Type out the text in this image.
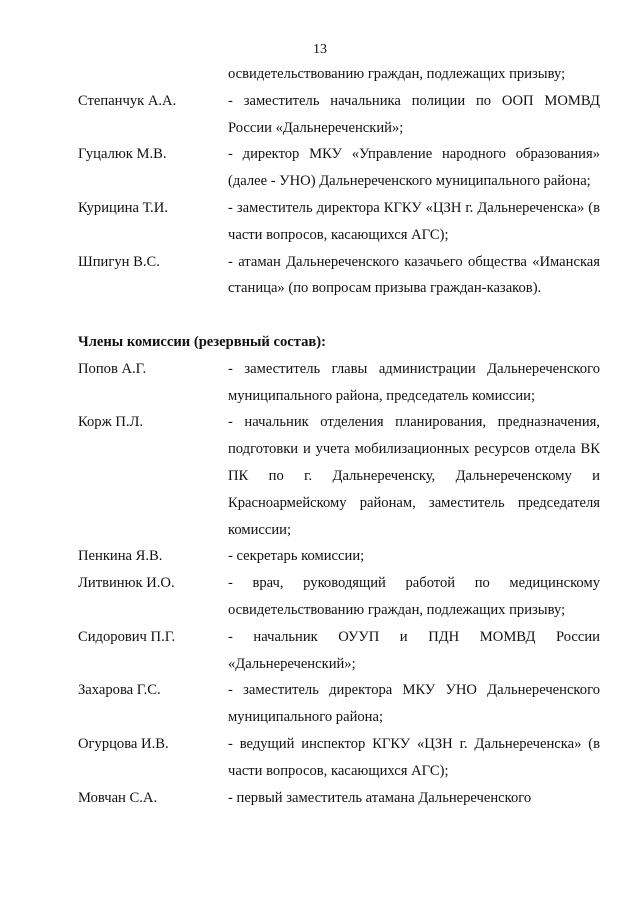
13
освидетельствованию граждан, подлежащих призыву;
Степанчук А.А.	- заместитель начальника полиции по ООП МОМВД России «Дальнереченский»;
Гуцалюк М.В.	- директор МКУ «Управление народного образования» (далее - УНО) Дальнереченского муниципального района;
Курицина Т.И.	- заместитель директора КГКУ «ЦЗН г. Дальнереченска» (в части вопросов, касающихся АГС);
Шпигун В.С.	- атаман Дальнереченского казачьего общества «Иманская станица» (по вопросам призыва граждан-казаков).
Члены комиссии (резервный состав):
Попов А.Г.	- заместитель главы администрации Дальнереченского муниципального района, председатель комиссии;
Корж П.Л.	- начальник отделения планирования, предназначения, подготовки и учета мобилизационных ресурсов отдела ВК ПК по г. Дальнереченску, Дальнереченскому и Красноармейскому районам, заместитель председателя комиссии;
Пенкина Я.В.	- секретарь комиссии;
Литвинюк И.О.	- врач, руководящий работой по медицинскому освидетельствованию граждан, подлежащих призыву;
Сидорович П.Г.	- начальник ОУУП и ПДН МОМВД России «Дальнереченский»;
Захарова Г.С.	- заместитель директора МКУ УНО Дальнереченского муниципального района;
Огурцова И.В.	- ведущий инспектор КГКУ «ЦЗН г. Дальнереченска» (в части вопросов, касающихся АГС);
Мовчан С.А.	- первый заместитель атамана Дальнереченского
